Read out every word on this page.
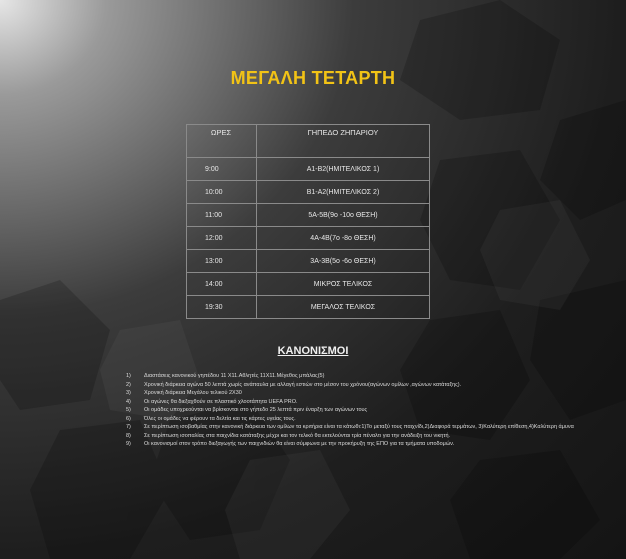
ΜΕΓΑΛΗ ΤΕΤΑΡΤΗ
ΩΡΕΣ	ΓΗΠΕΔΟ ΖΗΠΑΡΙΟΥ
9:00	Α1-Β2(ΗΜΙΤΕΛΙΚΟΣ 1)
10:00	Β1-Α2(ΗΜΙΤΕΛΙΚΟΣ 2)
11:00	5Α-5Β(9ο -10ο ΘΕΣΗ)
12:00	4Α-4Β(7ο -8ο ΘΕΣΗ)
13:00	3Α-3Β(5ο -6ο ΘΕΣΗ)
14:00	ΜΙΚΡΟΣ ΤΕΛΙΚΟΣ
19:30	ΜΕΓΑΛΟΣ ΤΕΛΙΚΟΣ
ΚΑΝΟΝΙΣΜΟΙ
1)	Διαστάσεις κανονικού γηπέδου 11 Χ11.Αθλητές 11Χ11.Μέγεθος μπάλας(5)
2)	Χρονική διάρκεια αγώνα 50 λεπτά χωρίς ανάπαυλα με αλλαγή εστιών στο μέσον του χρόνου(αγώνων ομίλων ,αγώνων κατάταξης).
3)	Χρονική διάρκεια Μεγάλου τελικού 2Χ30
4)	Οι αγώνες θα διεξαχθούν σε πλαστικό χλοοτάπητα UEFA PRO.
5)	Οι ομάδες υποχρεούνται να βρίσκονται στο γήπεδο 25 λεπτά πριν έναρξη των αγώνων τους
6)	Όλες οι ομάδες να φέρουν τα δελτία και τις κάρτες υγείας τους.
7)	Σε περίπτωση ισοβαθμίας στην κανονική διάρκεια των ομίλων τα κριτήρια είναι τα κάτωθι:1)Το μεταξύ τους παιχνίδι,2)Διαφορά τερμάτων, 3)Καλύτερη επίθεση,4)Καλύτερη άμυνα
8)	Σε περίπτωση ισοπαλίας στα παιχνίδια κατάταξης μέχρι και τον τελικό θα εκτελούνται τρία πέναλτι για την ανάδειξη του νικητή.
9)	Οι κανονισμοί στον τρόπο διεξαγωγής των παιχνιδιών θα είναι σύμφωνα με την προκήρυξη της ΕΠΟ για τα τμήματα υποδομών.
